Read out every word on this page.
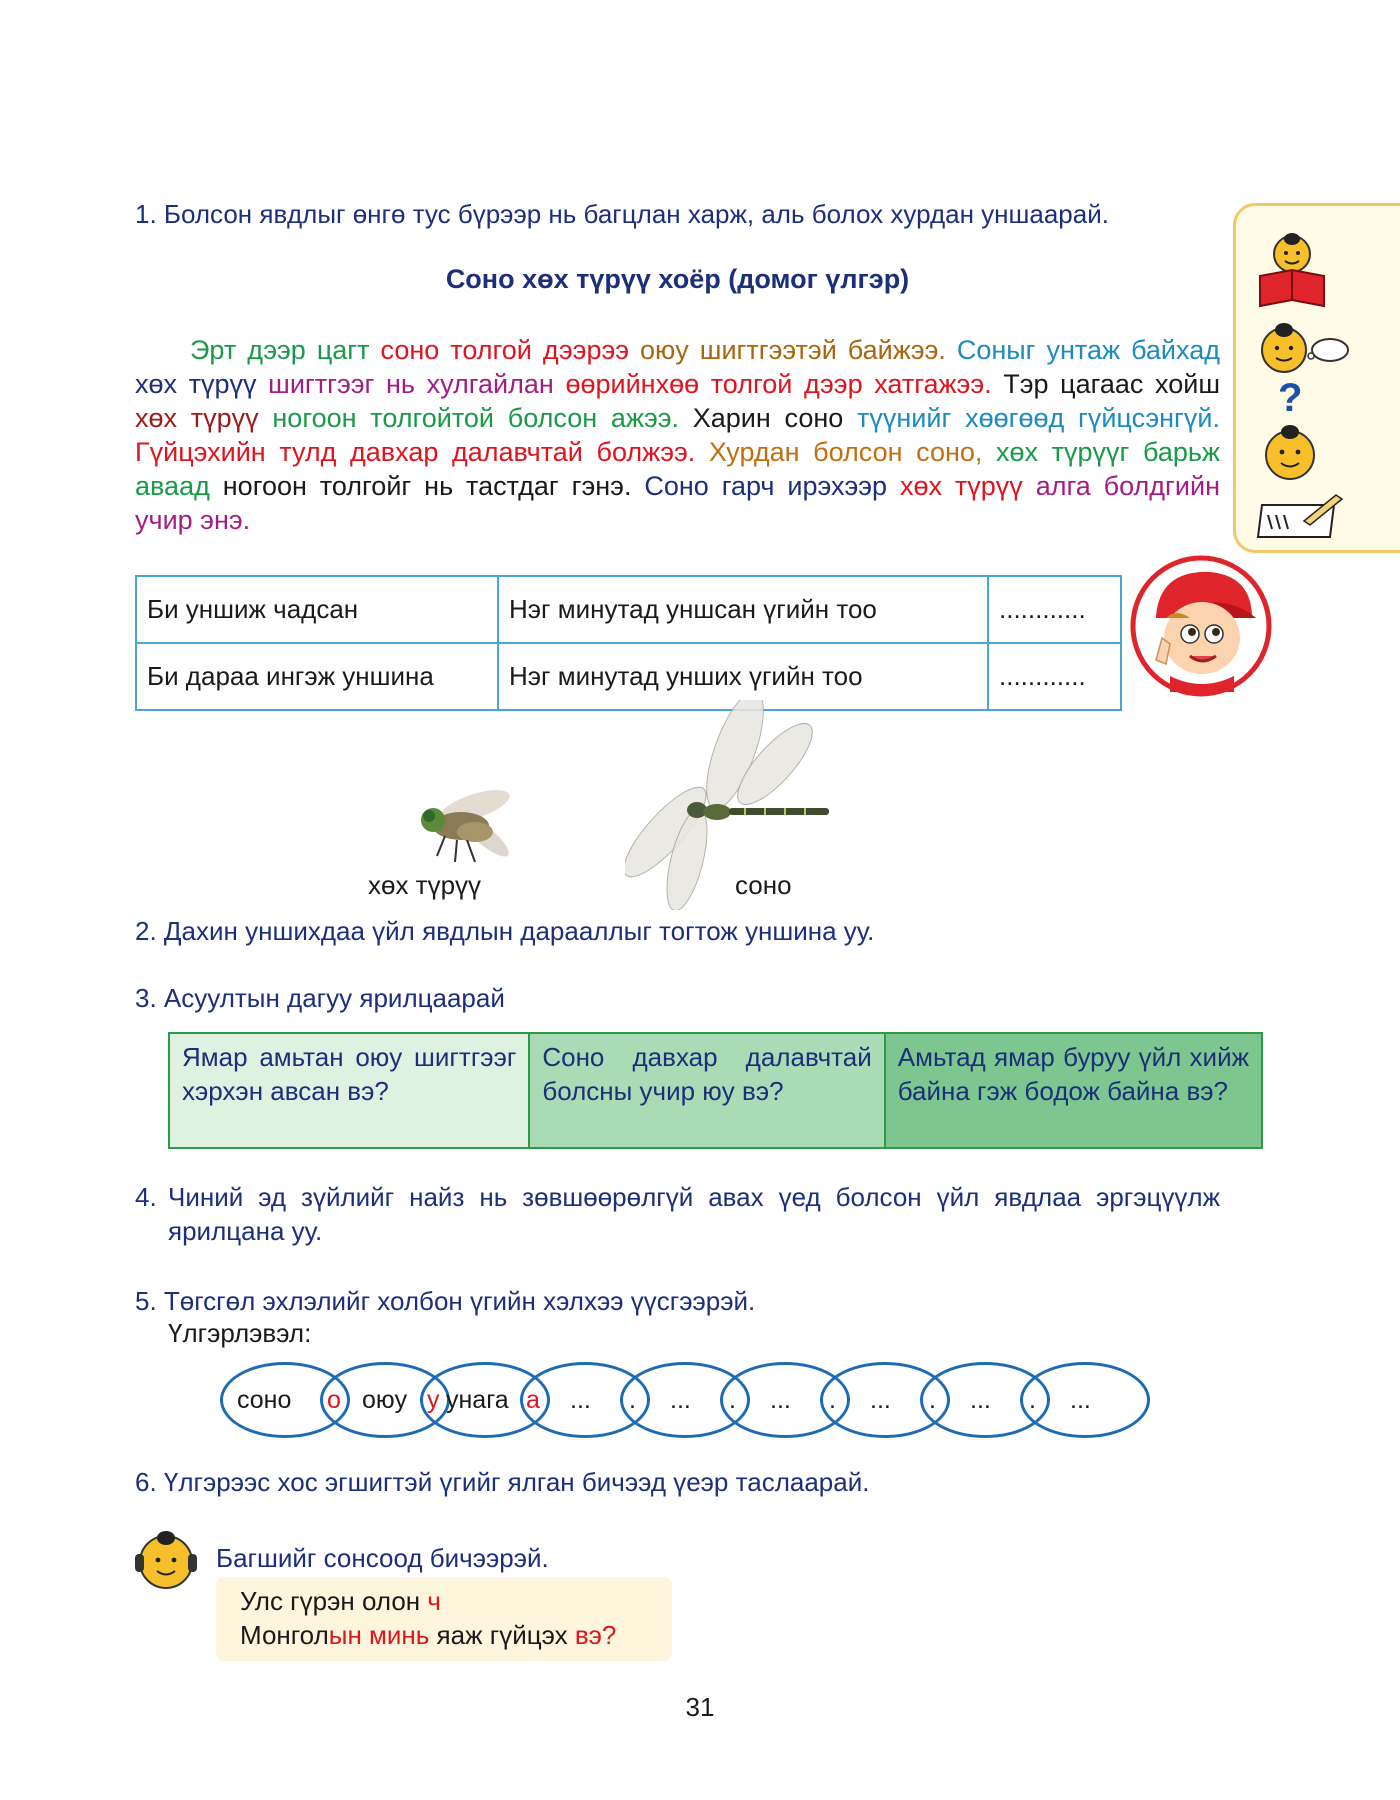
?
1. Болсон явдлыг өнгө тус бүрээр нь багцлан харж, аль болох хурдан уншаарай.
Соно хөх түрүү хоёр (домог үлгэр)
Эрт дээр цагт соно толгой дээрээ оюу шигтгээтэй байжээ. Соныг унтаж байхад хөх түрүү шигтгээг нь хулгайлан өөрийнхөө толгой дээр хатгажээ. Тэр цагаас хойш хөх түрүү ногоон толгойтой болсон ажээ. Харин соно түүнийг хөөгөөд гүйцсэнгүй. Гүйцэхийн тулд давхар далавчтай болжээ. Хурдан болсон соно, хөх түрүүг барьж аваад ногоон толгойг нь тастдаг гэнэ. Соно гарч ирэхээр хөх түрүү алга болдгийн учир энэ.
Би уншиж чадсан	Нэг минутад уншсан үгийн тоо	............
Би дараа ингэж уншина	Нэг минутад унших үгийн тоо	............
хөх түрүү	соно
2. Дахин уншихдаа үйл явдлын дарааллыг тогтож уншина уу.
3. Асуултын дагуу ярилцаарай
Ямар амьтан оюу шигтгээг хэрхэн авсан вэ?	Соно давхар далавчтай болсны учир юу вэ?	Амьтад ямар буруу үйл хийж байна гэж бодож байна вэ?
4. Чиний эд зүйлийг найз нь зөвшөөрөлгүй авах үед болсон үйл явдлаа эргэцүүлж ярилцана уу.
5. Төгсгөл эхлэлийг холбон үгийн хэлхээ үүсгээрэй.
Үлгэрлэвэл:
соно о оюу у унага а ... . ... . ... . ... . ... . ...
6. Үлгэрээс хос эгшигтэй үгийг ялган бичээд үеэр таслаарай.
Багшийг сонсоод бичээрэй.
Улс гүрэн олон ч
Монголын минь яаж гүйцэх вэ?
31
